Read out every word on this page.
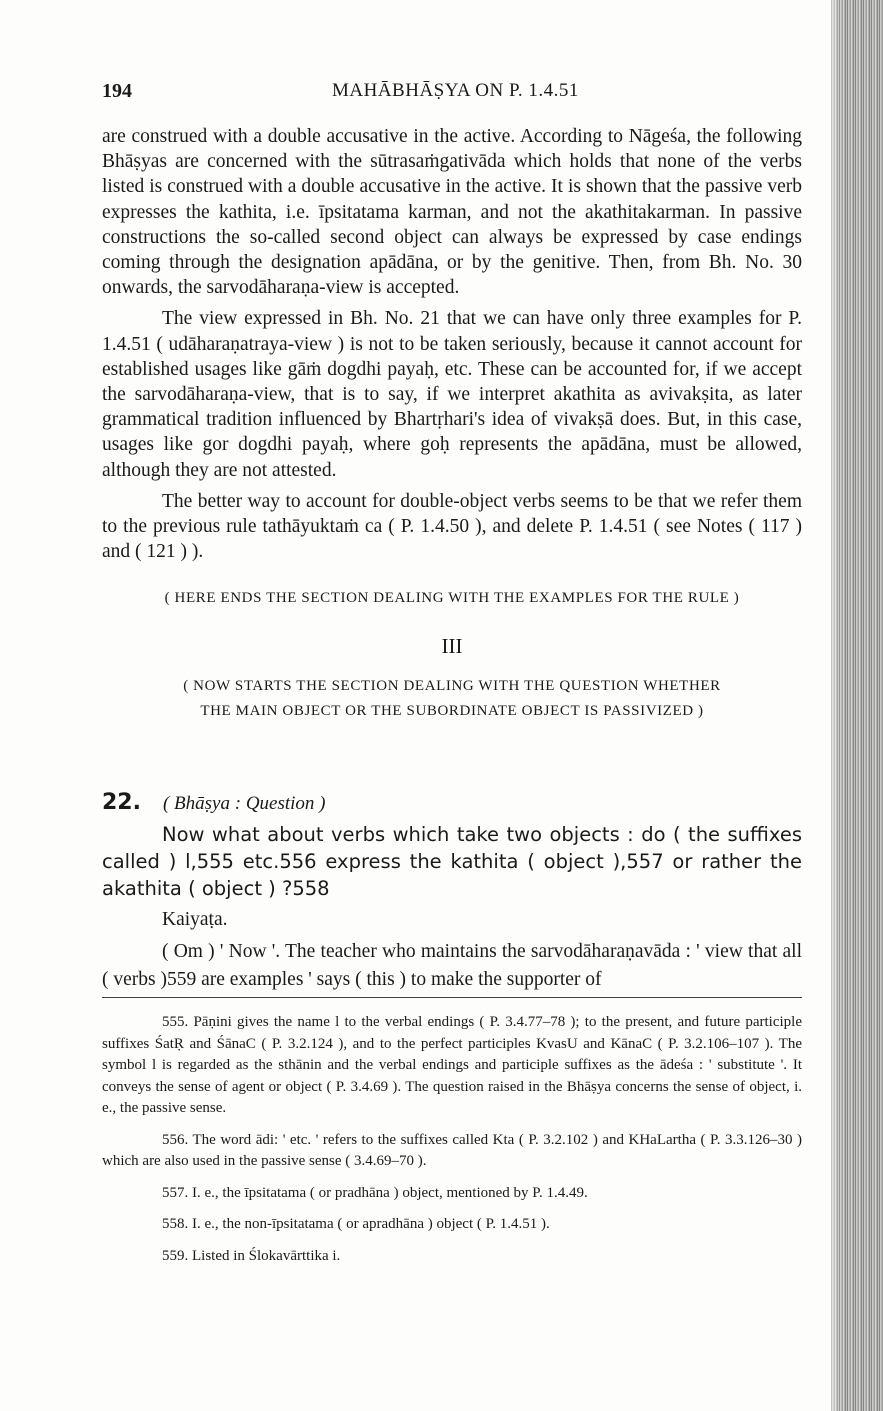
194	MAHĀBHĀṢYA ON P. 1.4.51

are construed with a double accusative in the active. According to Nāgeśa, the following Bhāṣyas are concerned with the sūtrasaṁgativāda which holds that none of the verbs listed is construed with a double accusative in the active. It is shown that the passive verb expresses the kathita, i.e. īpsitatama karman, and not the akathitakarman. In passive constructions the so-called second object can always be expressed by case endings coming through the designation apādāna, or by the genitive. Then, from Bh. No. 30 onwards, the sarvodāharaṇa-view is accepted.

The view expressed in Bh. No. 21 that we can have only three examples for P. 1.4.51 ( udāharaṇatraya-view ) is not to be taken seriously, because it cannot account for established usages like gāṁ dogdhi payaḥ, etc. These can be accounted for, if we accept the sarvodāharaṇa-view, that is to say, if we interpret akathita as avivakṣita, as later grammatical tradition influenced by Bhartṛhari's idea of vivakṣā does. But, in this case, usages like gor dogdhi payaḥ, where goḥ represents the apādāna, must be allowed, although they are not attested.

The better way to account for double-object verbs seems to be that we refer them to the previous rule tathāyuktaṁ ca ( P. 1.4.50 ), and delete P. 1.4.51 ( see Notes ( 117 ) and ( 121 ) ).

( HERE ENDS THE SECTION DEALING WITH THE EXAMPLES FOR THE RULE )
III
( NOW STARTS THE SECTION DEALING WITH THE QUESTION WHETHER
THE MAIN OBJECT OR THE SUBORDINATE OBJECT IS PASSIVIZED )
22. ( Bhāṣya : Question )
Now what about verbs which take two objects : do ( the suffixes called ) l,555 etc.556 express the kathita ( object ),557 or rather the akathita ( object ) ?558
Kaiyaṭa.
( Om ) ' Now '. The teacher who maintains the sarvodāharaṇavāda : ' view that all ( verbs )559 are examples ' says ( this ) to make the supporter of

555. Pāṇini gives the name l to the verbal endings ( P. 3.4.77–78 ); to the present, and future participle suffixes ŚatṚ and ŚānaC ( P. 3.2.124 ), and to the perfect participles KvasU and KānaC ( P. 3.2.106–107 ). The symbol l is regarded as the sthānin and the verbal endings and participle suffixes as the ādeśa : ' substitute '. It conveys the sense of agent or object ( P. 3.4.69 ). The question raised in the Bhāṣya concerns the sense of object, i. e., the passive sense.

556. The word ādi: ' etc. ' refers to the suffixes called Kta ( P. 3.2.102 ) and KHaLartha ( P. 3.3.126–30 ) which are also used in the passive sense ( 3.4.69–70 ).

557. I. e., the īpsitatama ( or pradhāna ) object, mentioned by P. 1.4.49.

558. I. e., the non-īpsitatama ( or apradhāna ) object ( P. 1.4.51 ).

559. Listed in Ślokavārttika i.
